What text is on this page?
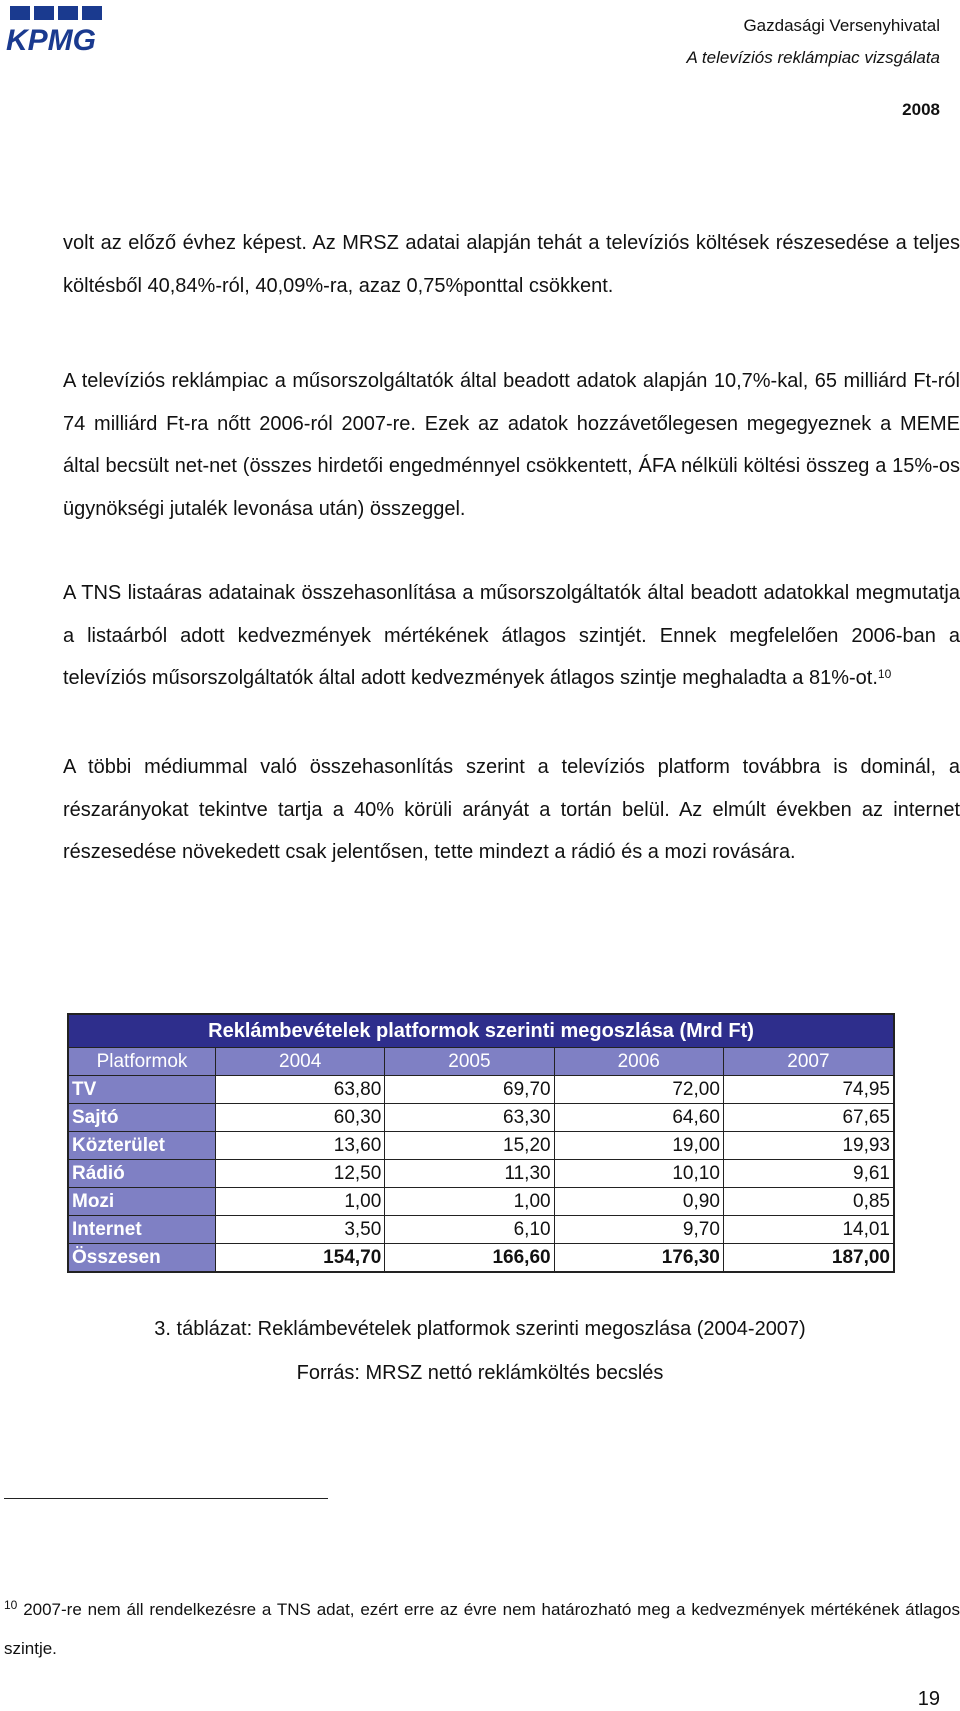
KPMG	Gazdasági Versenyhivatal
A televíziós reklámpiac vizsgálata
2008
volt az előző évhez képest. Az MRSZ adatai alapján tehát a televíziós költések részesedése a teljes költésből 40,84%-ról, 40,09%-ra, azaz 0,75%ponttal csökkent.
A televíziós reklámpiac a műsorszolgáltatók által beadott adatok alapján 10,7%-kal, 65 milliárd Ft-ról 74 milliárd Ft-ra nőtt 2006-ról 2007-re. Ezek az adatok hozzávetőlegesen megegyeznek a MEME által becsült net-net (összes hirdetői engedménnyel csökkentett, ÁFA nélküli költési összeg a 15%-os ügynökségi jutalék levonása után) összeggel.
A TNS listaáras adatainak összehasonlítása a műsorszolgáltatók által beadott adatokkal megmutatja a listaárból adott kedvezmények mértékének átlagos szintjét. Ennek megfelelően 2006-ban a televíziós műsorszolgáltatók által adott kedvezmények átlagos szintje meghaladta a 81%-ot.$^{10}$
A többi médiummal való összehasonlítás szerint a televíziós platform továbbra is dominál, a részarányokat tekintve tartja a 40% körüli arányát a tortán belül. Az elmúlt években az internet részesedése növekedett csak jelentősen, tette mindezt a rádió és a mozi rovására.
Reklámbevételek platformok szerinti megoszlása (Mrd Ft)				
Platformok	2004	2005	2006	2007
TV	63,80	69,70	72,00	74,95
Sajtó	60,30	63,30	64,60	67,65
Közterület	13,60	15,20	19,00	19,93
Rádió	12,50	11,30	10,10	9,61
Mozi	1,00	1,00	0,90	0,85
Internet	3,50	6,10	9,70	14,01
Összesen	154,70	166,60	176,30	187,00
3. táblázat: Reklámbevételek platformok szerinti megoszlása (2004-2007)
Forrás: MRSZ nettó reklámköltés becslés
$^{10}$ 2007-re nem áll rendelkezésre a TNS adat, ezért erre az évre nem határozható meg a kedvezmények mértékének átlagos szintje.
19
